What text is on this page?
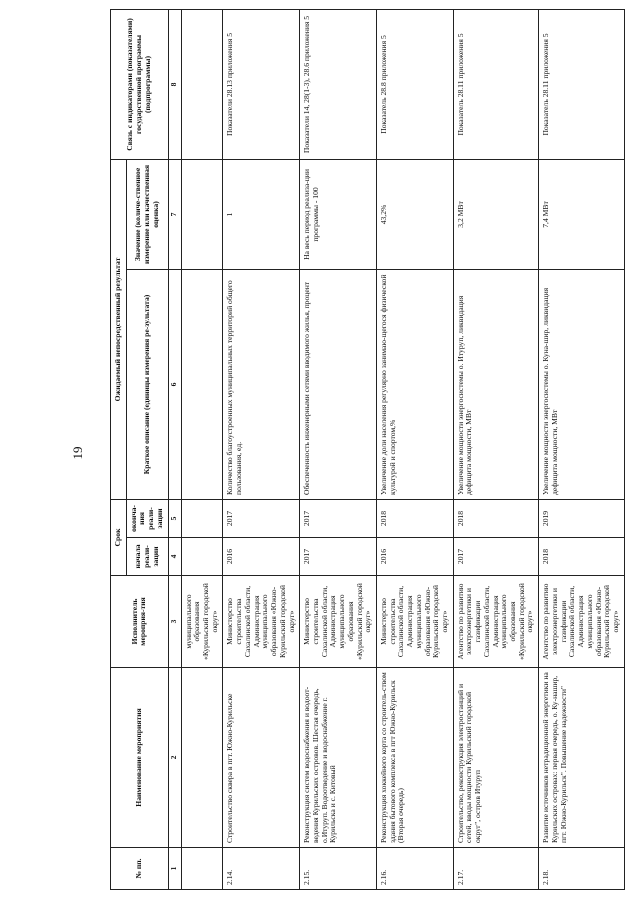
19
№ пп.	Наименование мероприятия	Исполнитель мероприя-тия	Срок		Ожидаемый непосредственный результат		Связь с индикаторами (показателями) государственной программы (подпрограммы)
			начала реали-зации	оконча-ния реали-зации	Краткое описание (единицы измерения ре-зультата)	Значение (количе-ственное измерение или качественная оценка)	
1	2	3	4	5	6	7	8
		муниципального образования «Курильский городской округ»					
2.14.	Строительство сквера в пгт. Южно-Курильске	Министерство строительства Сахалинской области, Администрация муниципального образования «Южно-Курильский городской округ»	2016	2017	Количество благоустроенных муниципальных территорий общего пользования, ед.	1	Показатели 28.13 приложения 5
2.15.	Реконструкция систем водоснабжения и водоот-ведения Курильских островов. Шестая очередь, о.Итуруп. Водоотведение и водоснабжение г. Курильска и с. Китовый	Министерство строительства Сахалинской области, Администрация муниципального образования «Курильский городской округ»	2017	2017	Обеспеченность инженерными сетями вводимого жилья, процент	На весь период реализа-ции программы - 100	Показатели 14, 28(1-3), 28.6 приложения 5
2.16.	Реконструкция хоккейного корта со строитель-ством здания бытового комплекса в пгт Южно-Курильск (Вторая очередь)	Министерство строительства Сахалинской области, Администрация муниципального образования «Южно-Курильский городской округ»	2016	2018	Увеличение доли населения регулярно занимаю-щегося физической культурой и спортом,%	43,2%	Показатель 28.8 приложения 5
2.17.	Строительство, реконструкция электростанций и сетей, вводы мощности Курильский городской округ", остров Итуруп	Агентство по развитию электроэнергетики и газификации Сахалинской области, Администрация муниципального образования «Курильский городской округ»	2017	2018	Увеличение мощности энергосистемы о. Итуруп, ликвидация дефицита мощности, МВт	3,2 МВт	Показатель 28.11 приложения 5
2.18.	Развитие источников нетрадиционной энергетики на Курильских островах: первая очередь, о. Ку-нашир, пгт. Южно-Курильск". Повышение надежности"	Агентство по развитию электроэнергетики и газификации Сахалинской области, Администрация муниципального образования «Южно-Курильский городской округ»	2018	2019	Увеличение мощности энергосистемы о. Куна-шир, ликвидация дефицита мощности, МВт	7,4 МВт	Показатель 28.11 приложения 5
